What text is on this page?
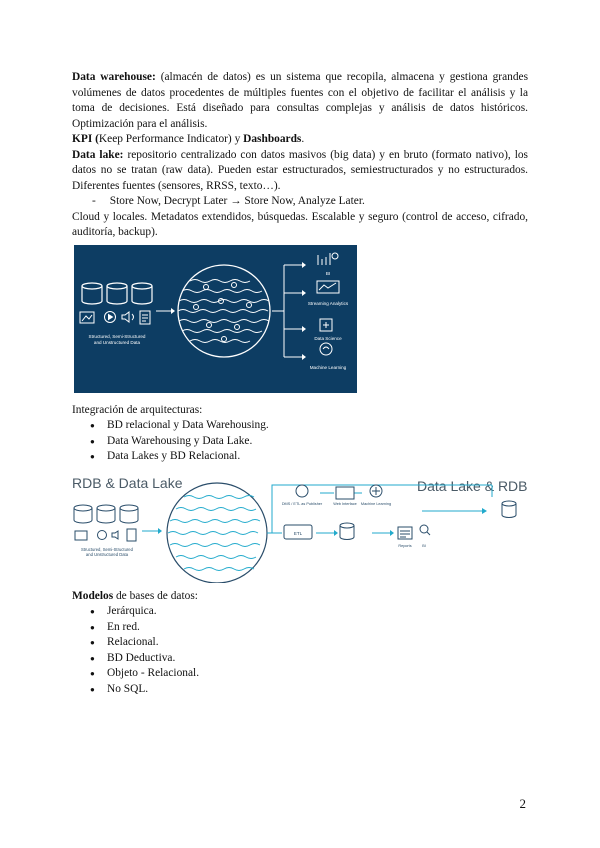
Data warehouse: (almacén de datos) es un sistema que recopila, almacena y gestiona grandes volúmenes de datos procedentes de múltiples fuentes con el objetivo de facilitar el análisis y la toma de decisiones. Está diseñado para consultas complejas y análisis de datos históricos. Optimización para el análisis.

KPI (Keep Performance Indicator) y Dashboards.

Data lake: repositorio centralizado con datos masivos (big data) y en bruto (formato nativo), los datos no se tratan (raw data). Pueden estar estructurados, semiestructurados y no estructurados. Diferentes fuentes (sensores, RRSS, texto…).

- Store Now, Decrypt Later → Store Now, Analyze Later.

Cloud y locales. Metadatos extendidos, búsquedas. Escalable y seguro (control de acceso, cifrado, auditoría, backup).

Structured, Semi-Structured
and Unstructured Data
BI
Streaming Analytics
Data Science
Machine Learning

Integración de arquitecturas:

● BD relacional y Data Warehousing.
● Data Warehousing y Data Lake.
● Data Lakes y BD Relacional.
RDB & Data Lake	Data Lake & RDB
Structured, Semi-Structured
and Unstructured Data
DMS / ETL as Publisher	Web Interface Machine Learning
ETL
Reports	BI

Modelos de bases de datos:

● Jerárquica.
● En red.
● Relacional.
● BD Deductiva.
● Objeto - Relacional.
● No SQL.
2
